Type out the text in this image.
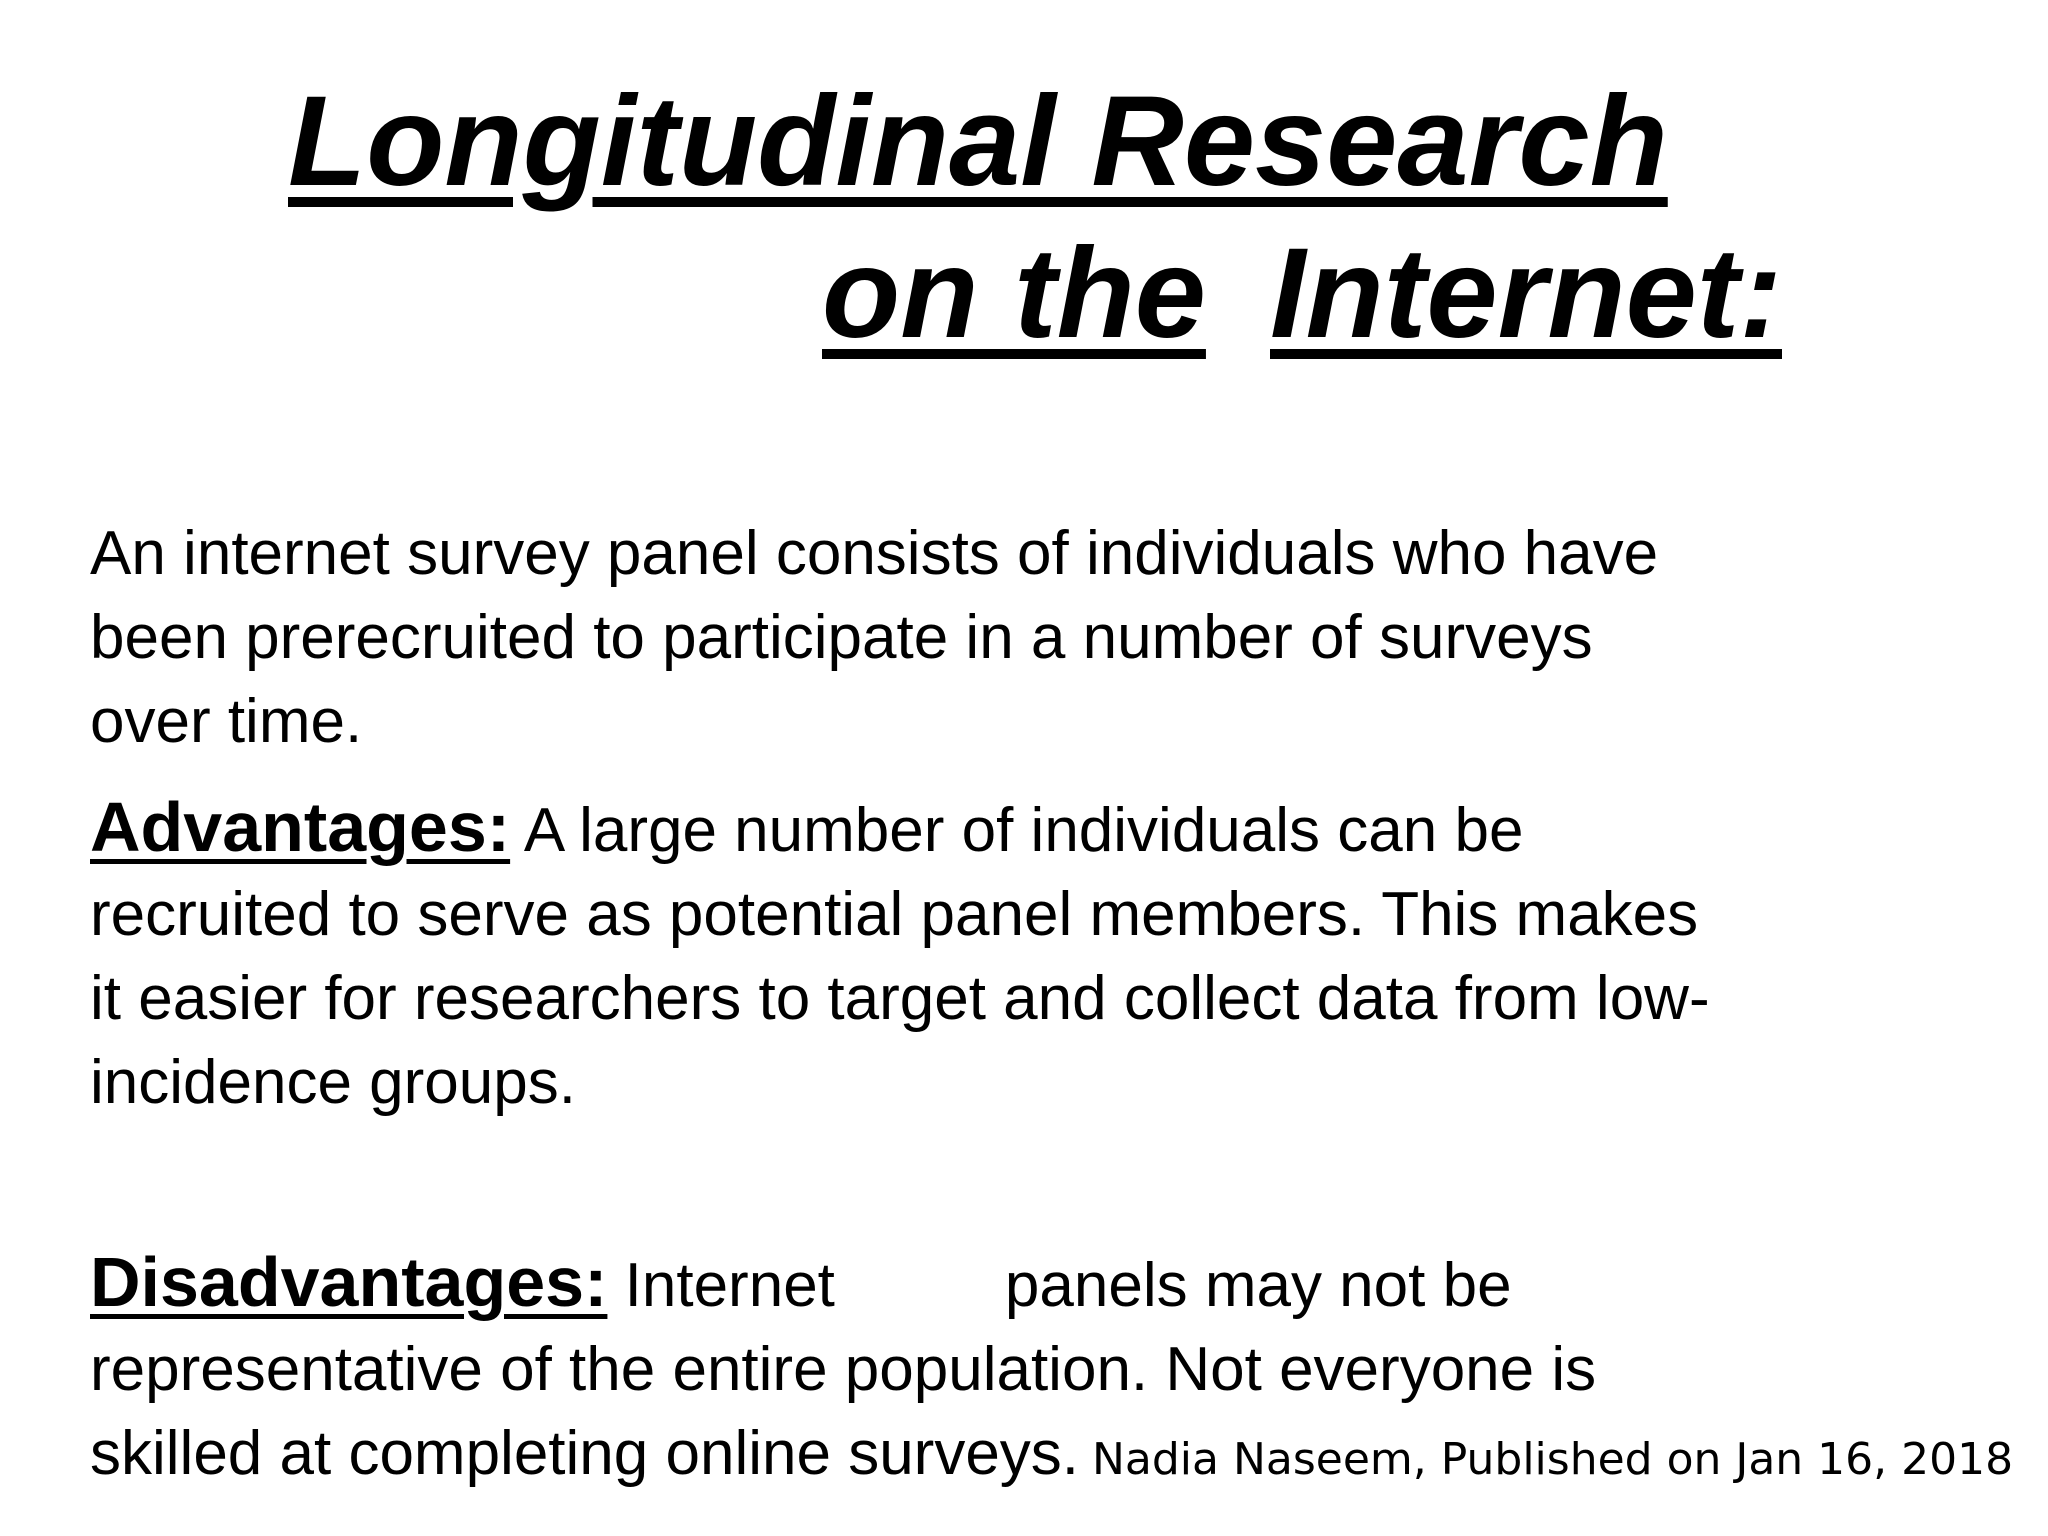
Longitudinal Research
on the Internet:

An internet survey panel consists of individuals who have
been prerecruited to participate in a number of surveys
over time.

Advantages: A large number of individuals can be
recruited to serve as potential panel members. This makes
it easier for researchers to target and collect data from low-
incidence groups.

Disadvantages: Internet	panels may not be
representative of the entire population. Not everyone is
skilled at completing online surveys. Nadia Naseem, Published on Jan 16, 2018
